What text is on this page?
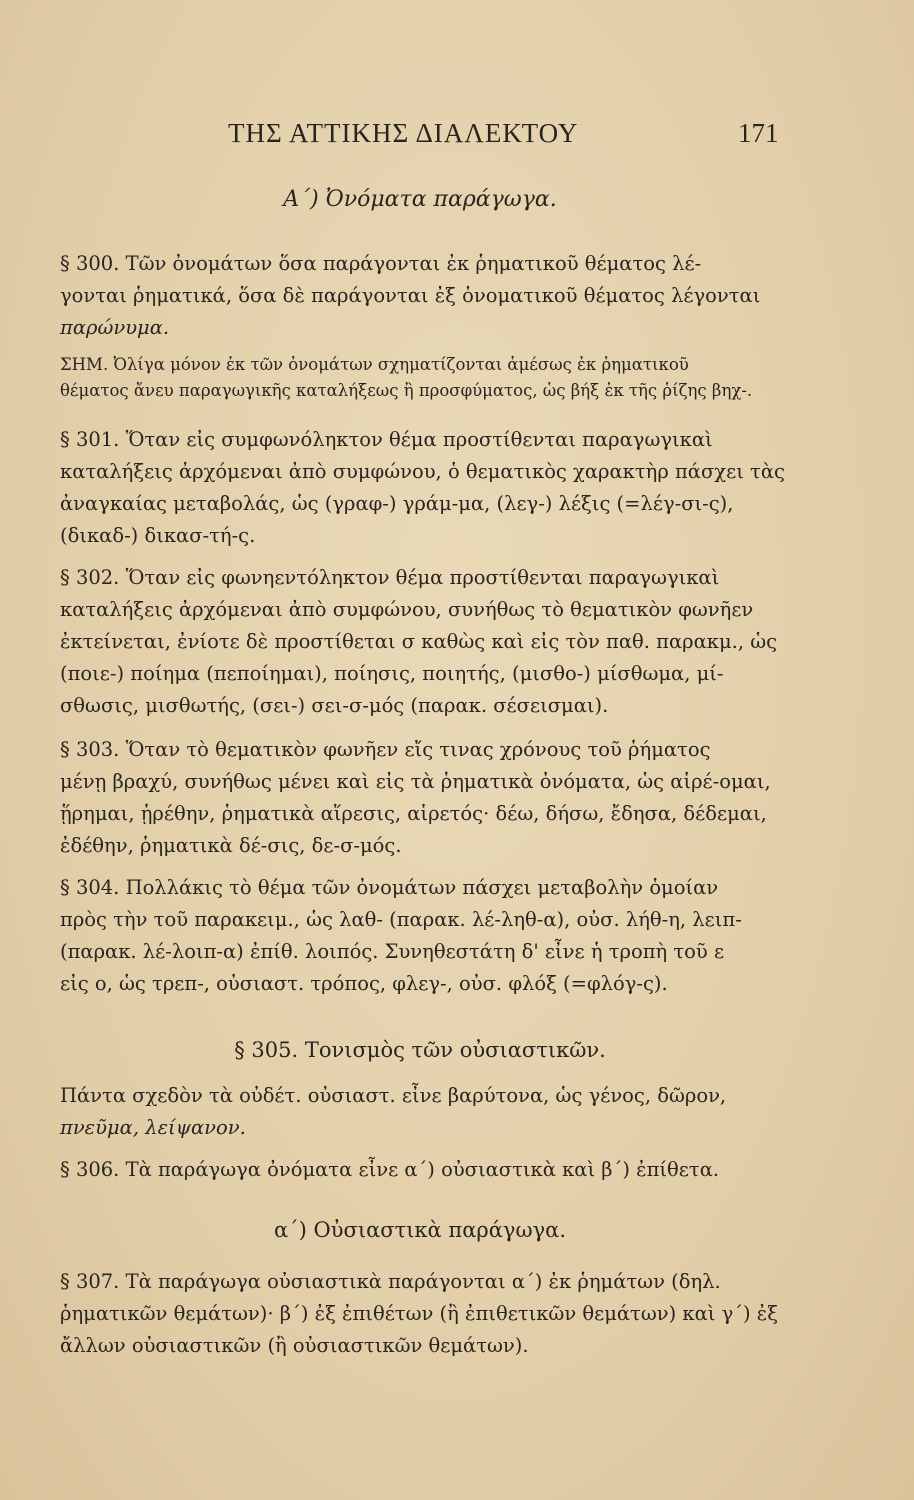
ΤΗΣ ΑΤΤΙΚΗΣ ΔΙΑΛΕΚΤΟΥ	171
Α΄) Ὀνόματα παράγωγα.
§ 300. Τῶν ὀνομάτων ὅσα παράγονται ἐκ ῥηματικοῦ θέματος λέ-
γονται ῥηματικά, ὅσα δὲ παράγονται ἐξ ὀνοματικοῦ θέματος λέγονται
παρώνυμα.
ΣΗΜ. Ὀλίγα μόνον ἐκ τῶν ὀνομάτων σχηματίζονται ἀμέσως ἐκ ῥηματικοῦ
θέματος ἄνευ παραγωγικῆς καταλήξεως ἢ προσφύματος, ὡς βήξ ἐκ τῆς ῥίζης βηχ-.
§ 301. Ὅταν εἰς συμφωνόληκτον θέμα προστίθενται παραγωγικαὶ
καταλήξεις ἀρχόμεναι ἀπὸ συμφώνου, ὁ θεματικὸς χαρακτὴρ πάσχει τὰς
ἀναγκαίας μεταβολάς, ὡς (γραφ-) γράμ-μα, (λεγ-) λέξις (=λέγ-σι-ς),
(δικαδ-) δικασ-τή-ς.
§ 302. Ὅταν εἰς φωνηεντόληκτον θέμα προστίθενται παραγωγικαὶ
καταλήξεις ἀρχόμεναι ἀπὸ συμφώνου, συνήθως τὸ θεματικὸν φωνῆεν
ἐκτείνεται, ἐνίοτε δὲ προστίθεται σ καθὼς καὶ εἰς τὸν παθ. παρακμ., ὡς
(ποιε-) ποίημα (πεποίημαι), ποίησις, ποιητής, (μισθο-) μίσθωμα, μί-
σθωσις, μισθωτής, (σει-) σει-σ-μός (παρακ. σέσεισμαι).
§ 303. Ὅταν τὸ θεματικὸν φωνῆεν εἴς τινας χρόνους τοῦ ῥήματος
μένῃ βραχύ, συνήθως μένει καὶ εἰς τὰ ῥηματικὰ ὀνόματα, ὡς αἱρέ-ομαι,
ᾕρημαι, ᾑρέθην, ῥηματικὰ αἵρεσις, αἱρετός· δέω, δήσω, ἔδησα, δέδεμαι,
ἐδέθην, ῥηματικὰ δέ-σις, δε-σ-μός.
§ 304. Πολλάκις τὸ θέμα τῶν ὀνομάτων πάσχει μεταβολὴν ὁμοίαν
πρὸς τὴν τοῦ παρακειμ., ὡς λαθ- (παρακ. λέ-ληθ-α), οὐσ. λήθ-η, λειπ-
(παρακ. λέ-λοιπ-α) ἐπίθ. λοιπός. Συνηθεστάτη δ' εἶνε ἡ τροπὴ τοῦ ε
εἰς ο, ὡς τρεπ-, οὐσιαστ. τρόπος, φλεγ-, οὐσ. φλόξ (=φλόγ-ς).
§ 305. Τονισμὸς τῶν οὐσιαστικῶν.
Πάντα σχεδὸν τὰ οὐδέτ. οὐσιαστ. εἶνε βαρύτονα, ὡς γένος, δῶρον,
πνεῦμα, λείψανον.
§ 306. Τὰ παράγωγα ὀνόματα εἶνε α΄) οὐσιαστικὰ καὶ β΄) ἐπίθετα.
α΄) Οὐσιαστικὰ παράγωγα.
§ 307. Τὰ παράγωγα οὐσιαστικὰ παράγονται α΄) ἐκ ῥημάτων (δηλ.
ῥηματικῶν θεμάτων)· β΄) ἐξ ἐπιθέτων (ἢ ἐπιθετικῶν θεμάτων) καὶ γ΄) ἐξ
ἄλλων οὐσιαστικῶν (ἢ οὐσιαστικῶν θεμάτων).
